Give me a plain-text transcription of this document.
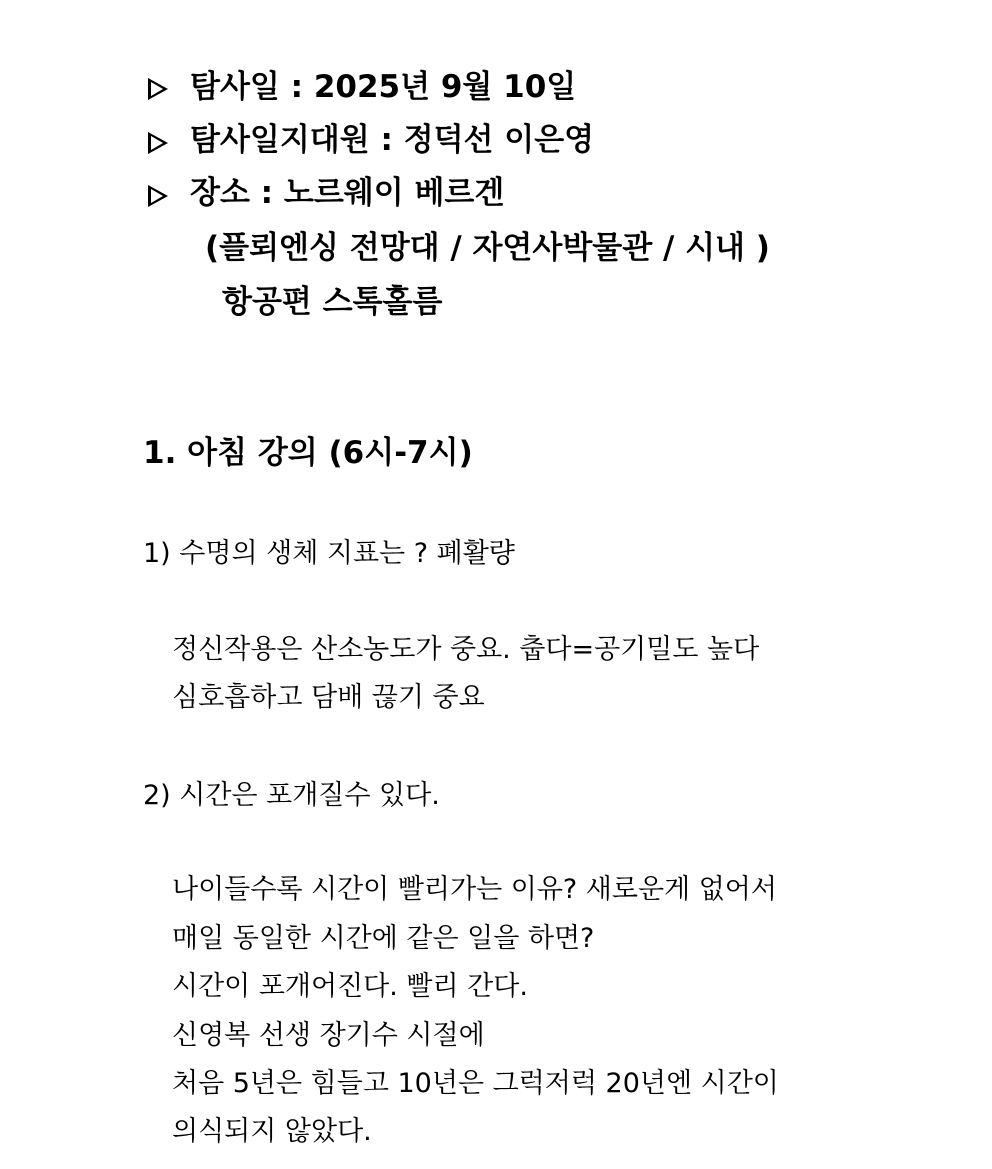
탐사일 : 2025년 9월 10일
탐사일지대원 : 정덕선 이은영
장소 : 노르웨이 베르겐
(플뢰엔싱 전망대 / 자연사박물관 / 시내 )
항공편 스톡홀름
1. 아침 강의 (6시-7시)
1) 수명의 생체 지표는 ? 폐활량
정신작용은 산소농도가 중요. 춥다=공기밀도 높다
심호흡하고 담배 끊기 중요
2) 시간은 포개질수 있다.
나이들수록 시간이 빨리가는 이유? 새로운게 없어서
매일 동일한 시간에 같은 일을 하면?
시간이 포개어진다. 빨리 간다.
신영복 선생 장기수 시절에
처음 5년은 힘들고 10년은 그럭저럭 20년엔 시간이
의식되지 않았다.
